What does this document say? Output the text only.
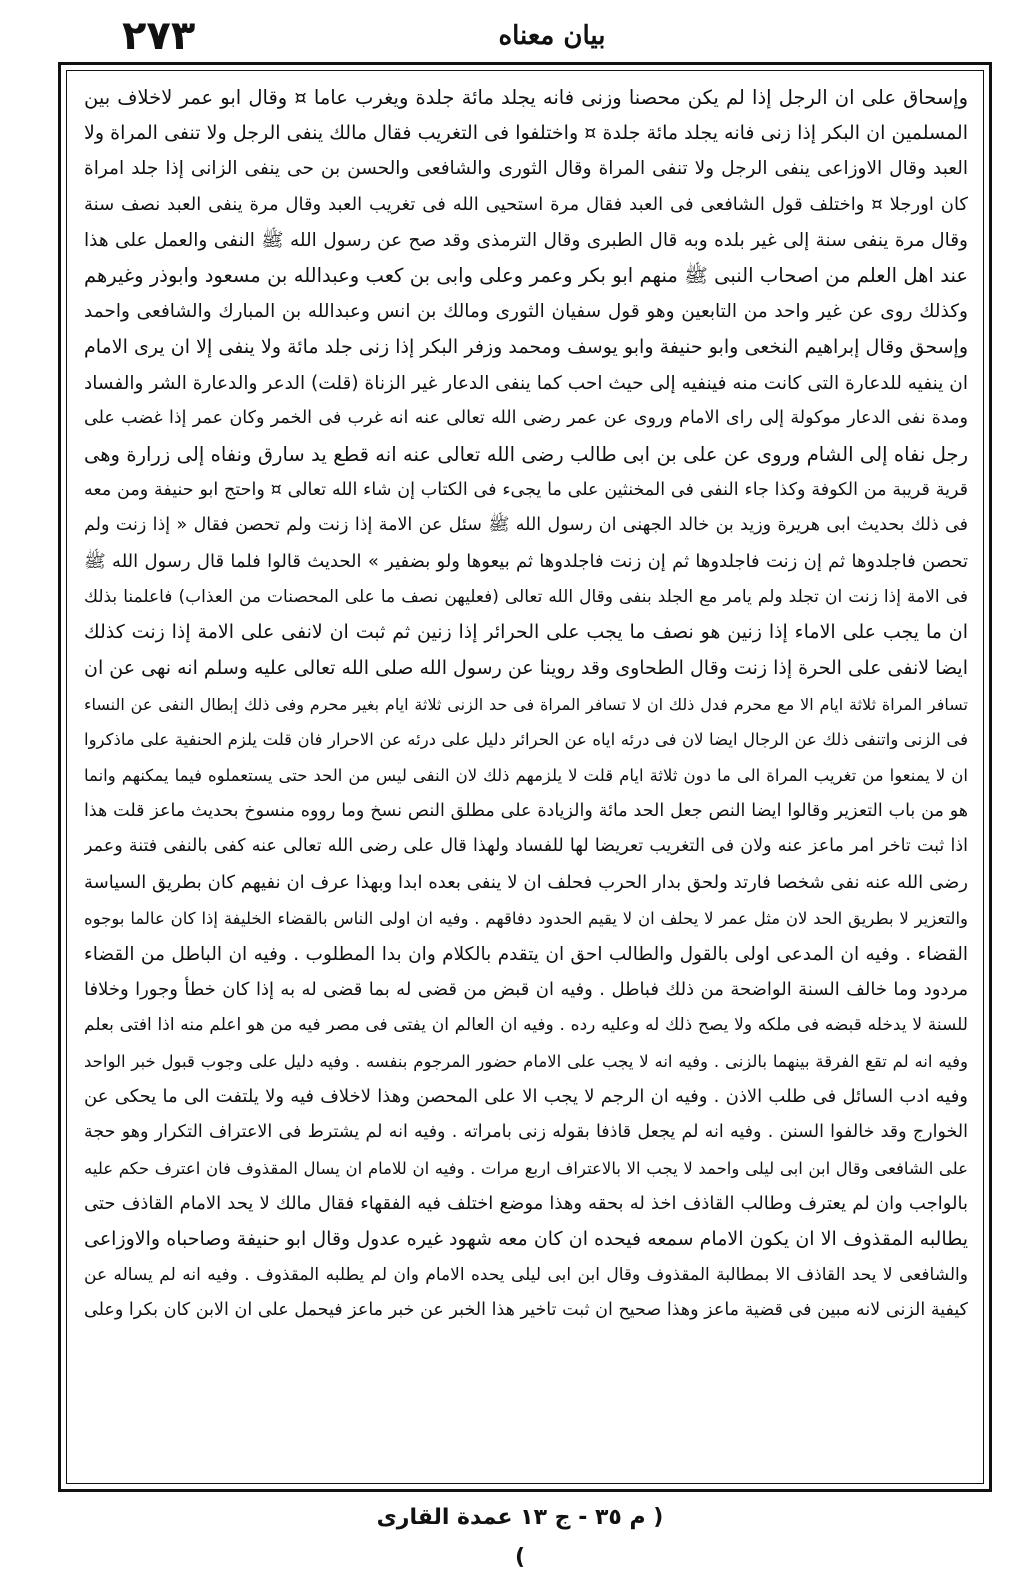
٢٧٣	بيان معناه
وإسحاق على ان الرجل إذا لم يكن محصنا وزنى فانه يجلد مائة جلدة ويغرب عاما ¤ وقال ابو عمر لاخلاف بين
المسلمين ان البكر إذا زنى فانه يجلد مائة جلدة ¤ واختلفوا فى التغريب فقال مالك ينفى الرجل ولا تنفى المراة ولا
العبد وقال الاوزاعى ينفى الرجل ولا تنفى المراة وقال الثورى والشافعى والحسن بن حى ينفى الزانى إذا جلد امراة
كان اورجلا ¤ واختلف قول الشافعى فى العبد فقال مرة استحيى الله فى تغريب العبد وقال مرة ينفى العبد نصف سنة
وقال مرة ينفى سنة إلى غير بلده وبه قال الطبرى وقال الترمذى وقد صح عن رسول الله ﷺ النفى والعمل على هذا
عند اهل العلم من اصحاب النبى ﷺ منهم ابو بكر وعمر وعلى وابى بن كعب وعبدالله بن مسعود وابوذر وغيرهم
وكذلك روى عن غير واحد من التابعين وهو قول سفيان الثورى ومالك بن انس وعبدالله بن المبارك والشافعى واحمد
وإسحق وقال إبراهيم النخعى وابو حنيفة وابو يوسف ومحمد وزفر البكر إذا زنى جلد مائة ولا ينفى إلا ان يرى الامام
ان ينفيه للدعارة التى كانت منه فينفيه إلى حيث احب كما ينفى الدعار غير الزناة (قلت) الدعر والدعارة الشر والفساد
ومدة نفى الدعار موكولة إلى راى الامام وروى عن عمر رضى الله تعالى عنه انه غرب فى الخمر وكان عمر إذا غضب على
رجل نفاه إلى الشام وروى عن على بن ابى طالب رضى الله تعالى عنه انه قطع يد سارق ونفاه إلى زرارة وهى
قرية قريبة من الكوفة وكذا جاء النفى فى المخنثين على ما يجىء فى الكتاب إن شاء الله تعالى ¤ واحتج ابو حنيفة ومن معه
فى ذلك بحديث ابى هريرة وزيد بن خالد الجهنى ان رسول الله ﷺ سئل عن الامة إذا زنت ولم تحصن فقال « إذا زنت ولم
تحصن فاجلدوها ثم إن زنت فاجلدوها ثم إن زنت فاجلدوها ثم بيعوها ولو بضفير » الحديث قالوا فلما قال رسول الله ﷺ
فى الامة إذا زنت ان تجلد ولم يامر مع الجلد بنفى وقال الله تعالى (فعليهن نصف ما على المحصنات من العذاب) فاعلمنا بذلك
ان ما يجب على الاماء إذا زنين هو نصف ما يجب على الحرائر إذا زنين ثم ثبت ان لانفى على الامة إذا زنت كذلك
ايضا لانفى على الحرة إذا زنت وقال الطحاوى وقد روينا عن رسول الله صلى الله تعالى عليه وسلم انه نهى عن ان
تسافر المراة ثلاثة ايام الا مع محرم فدل ذلك ان لا تسافر المراة فى حد الزنى ثلاثة ايام بغير محرم وفى ذلك إبطال النفى عن النساء
فى الزنى واتنفى ذلك عن الرجال ايضا لان فى درئه اياه عن الحرائر دليل على درئه عن الاحرار فان قلت يلزم الحنفية على ماذكروا
ان لا يمنعوا من تغريب المراة الى ما دون ثلاثة ايام قلت لا يلزمهم ذلك لان النفى ليس من الحد حتى يستعملوه فيما يمكنهم وانما
هو من باب التعزير وقالوا ايضا النص جعل الحد مائة والزيادة على مطلق النص نسخ وما رووه منسوخ بحديث ماعز قلت هذا
اذا ثبت تاخر امر ماعز عنه ولان فى التغريب تعريضا لها للفساد ولهذا قال على رضى الله تعالى عنه كفى بالنفى فتنة وعمر
رضى الله عنه نفى شخصا فارتد ولحق بدار الحرب فحلف ان لا ينفى بعده ابدا وبهذا عرف ان نفيهم كان بطريق السياسة
والتعزير لا بطريق الحد لان مثل عمر لا يحلف ان لا يقيم الحدود دفاقهم . وفيه ان اولى الناس بالقضاء الخليفة إذا كان عالما بوجوه
القضاء . وفيه ان المدعى اولى بالقول والطالب احق ان يتقدم بالكلام وان بدا المطلوب . وفيه ان الباطل من القضاء
مردود وما خالف السنة الواضحة من ذلك فباطل . وفيه ان قبض من قضى له بما قضى له به إذا كان خطأ وجورا وخلافا
للسنة لا يدخله قبضه فى ملكه ولا يصح ذلك له وعليه رده . وفيه ان العالم ان يفتى فى مصر فيه من هو اعلم منه اذا افتى بعلم
وفيه انه لم تقع الفرقة بينهما بالزنى . وفيه انه لا يجب على الامام حضور المرجوم بنفسه . وفيه دليل على وجوب قبول خبر الواحد
وفيه ادب السائل فى طلب الاذن . وفيه ان الرجم لا يجب الا على المحصن وهذا لاخلاف فيه ولا يلتفت الى ما يحكى عن
الخوارج وقد خالفوا السنن . وفيه انه لم يجعل قاذفا بقوله زنى بامراته . وفيه انه لم يشترط فى الاعتراف التكرار وهو حجة
على الشافعى وقال ابن ابى ليلى واحمد لا يجب الا بالاعتراف اربع مرات . وفيه ان للامام ان يسال المقذوف فان اعترف حكم عليه
بالواجب وان لم يعترف وطالب القاذف اخذ له بحقه وهذا موضع اختلف فيه الفقهاء فقال مالك لا يحد الامام القاذف حتى
يطالبه المقذوف الا ان يكون الامام سمعه فيحده ان كان معه شهود غيره عدول وقال ابو حنيفة وصاحباه والاوزاعى
والشافعى لا يحد القاذف الا بمطالبة المقذوف وقال ابن ابى ليلى يحده الامام وان لم يطلبه المقذوف . وفيه انه لم يساله عن
كيفية الزنى لانه مبين فى قضية ماعز وهذا صحيح ان ثبت تاخير هذا الخبر عن خبر ماعز فيحمل على ان الابن كان بكرا وعلى
( م ٣٥ - ج ١٣ عمدة القارى )
